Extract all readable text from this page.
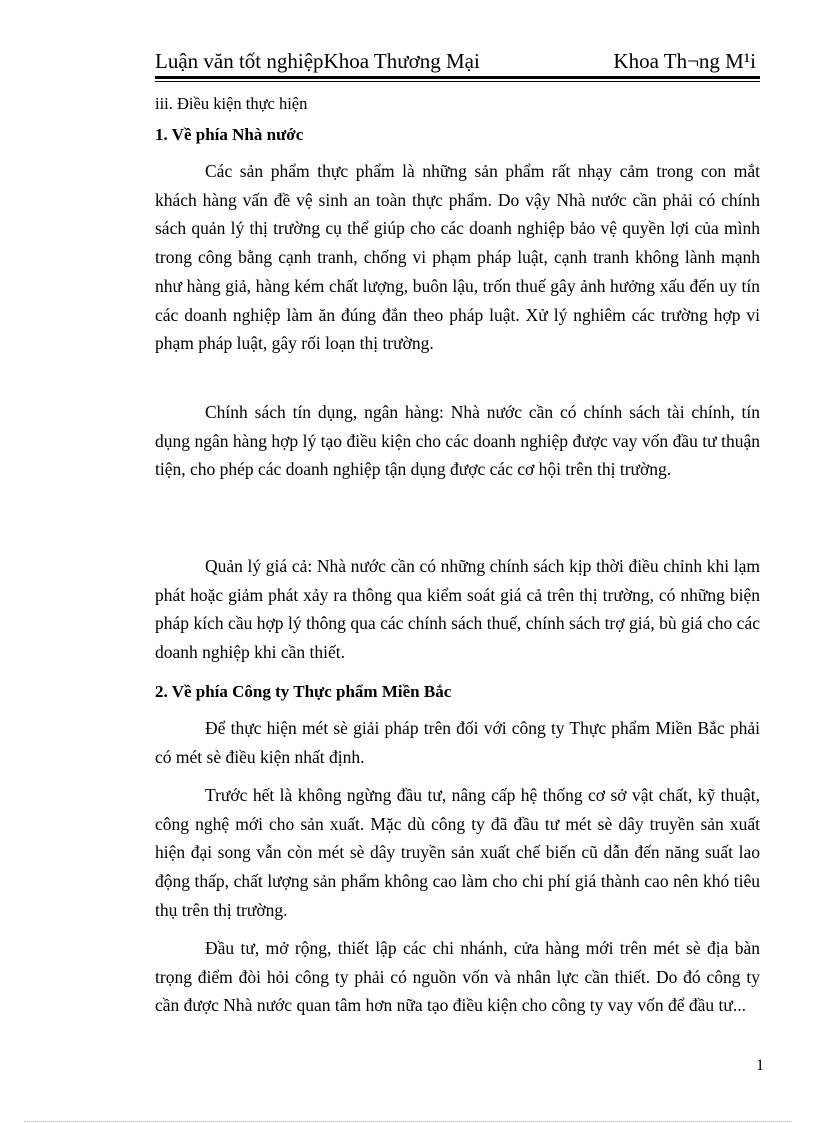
Luận văn tốt nghiệpKhoa Thương Mại	Khoa Th¬ng M¹i
iii. Điều kiện thực hiện
1. Về phía Nhà nước

Các sản phẩm thực phẩm là những sản phẩm rất nhạy cảm trong con mắt khách hàng vấn đề vệ sinh an toàn thực phẩm. Do vậy Nhà nước cần phải có chính sách quản lý thị trường cụ thể giúp cho các doanh nghiệp bảo vệ quyền lợi của mình trong công bằng cạnh tranh, chống vi phạm pháp luật, cạnh tranh không lành mạnh như hàng giả, hàng kém chất lượng, buôn lậu, trốn thuế gây ảnh hưởng xấu đến uy tín các doanh nghiệp làm ăn đúng đắn theo pháp luật. Xử lý nghiêm các trường hợp vi phạm pháp luật, gây rối loạn thị trường.

Chính sách tín dụng, ngân hàng: Nhà nước cần có chính sách tài chính, tín dụng ngân hàng hợp lý tạo điều kiện cho các doanh nghiệp được vay vốn đầu tư thuận tiện, cho phép các doanh nghiệp tận dụng được các cơ hội trên thị trường.

Quản lý giá cả: Nhà nước cần có những chính sách kịp thời điều chỉnh khi lạm phát hoặc giảm phát xảy ra thông qua kiểm soát giá cả trên thị trường, có những biện pháp kích cầu hợp lý thông qua các chính sách thuế, chính sách trợ giá, bù giá cho các doanh nghiệp khi cần thiết.

2. Về phía Công ty Thực phẩm Miền Bắc

Để thực hiện mét sè giải pháp trên đối với công ty Thực phẩm Miền Bắc phải có mét sè điều kiện nhất định.

Trước hết là không ngừng đầu tư, nâng cấp hệ thống cơ sở vật chất, kỹ thuật, công nghệ mới cho sản xuất. Mặc dù công ty đã đầu tư mét sè dây truyền sản xuất hiện đại song vẫn còn mét sè dây truyền sản xuất chế biến cũ dẫn đến năng suất lao động thấp, chất lượng sản phẩm không cao làm cho chi phí giá thành cao nên khó tiêu thụ trên thị trường.

Đầu tư, mở rộng, thiết lập các chi nhánh, cửa hàng mới trên mét sè địa bàn trọng điểm đòi hỏi công ty phải có nguồn vốn và nhân lực cần thiết. Do đó công ty cần được Nhà nước quan tâm hơn nữa tạo điều kiện cho công ty vay vốn để đầu tư...

1
